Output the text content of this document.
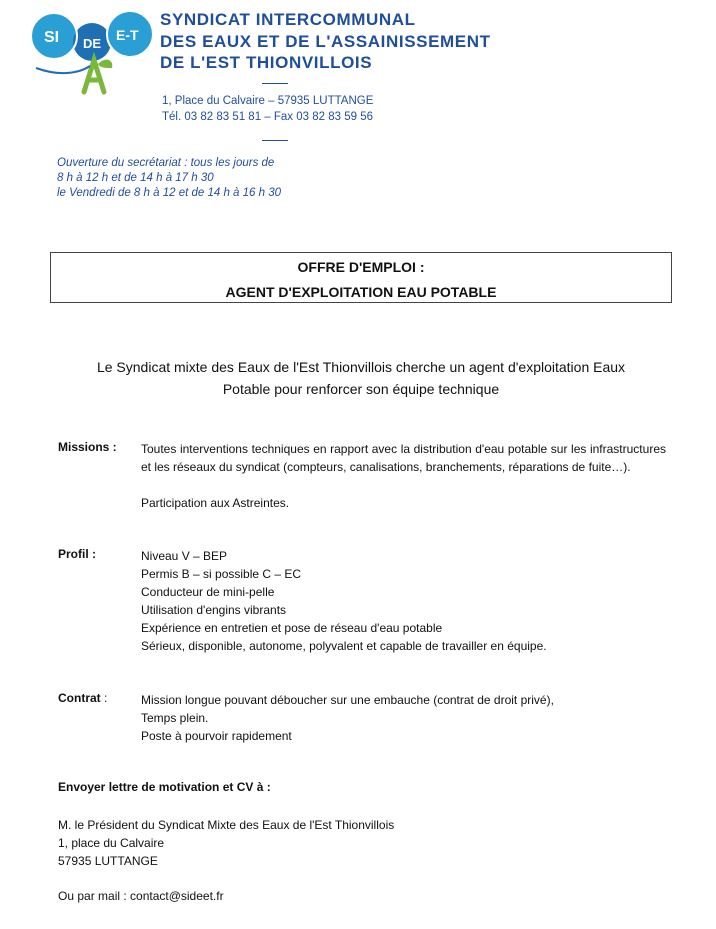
SI DE
E-T
SYNDICAT INTERCOMMUNAL
DES EAUX ET DE L'ASSAINISSEMENT
DE L'EST THIONVILLOIS
1, Place du Calvaire – 57935 LUTTANGE
Tél. 03 82 83 51 81 – Fax 03 82 83 59 56
Ouverture du secrétariat : tous les jours de
8 h à 12 h et de 14 h à 17 h 30
le Vendredi de 8 h à 12 et de 14 h à 16 h 30
OFFRE D'EMPLOI :
AGENT D'EXPLOITATION EAU POTABLE
Le Syndicat mixte des Eaux de l'Est Thionvillois cherche un agent d'exploitation Eaux
Potable pour renforcer son équipe technique
Missions : Toutes interventions techniques en rapport avec la distribution d'eau potable sur les infrastructures et les réseaux du syndicat (compteurs, canalisations, branchements, réparations de fuite…).
Participation aux Astreintes.
Profil :	Niveau V – BEP
Permis B – si possible C – EC
Conducteur de mini-pelle
Utilisation d'engins vibrants
Expérience en entretien et pose de réseau d'eau potable
Sérieux, disponible, autonome, polyvalent et capable de travailler en équipe.
Contrat :	Mission longue pouvant déboucher sur une embauche (contrat de droit privé),
Temps plein.
Poste à pourvoir rapidement
Envoyer lettre de motivation et CV à :
M. le Président du Syndicat Mixte des Eaux de l'Est Thionvillois
1, place du Calvaire
57935 LUTTANGE
Ou par mail : contact@sideet.fr
